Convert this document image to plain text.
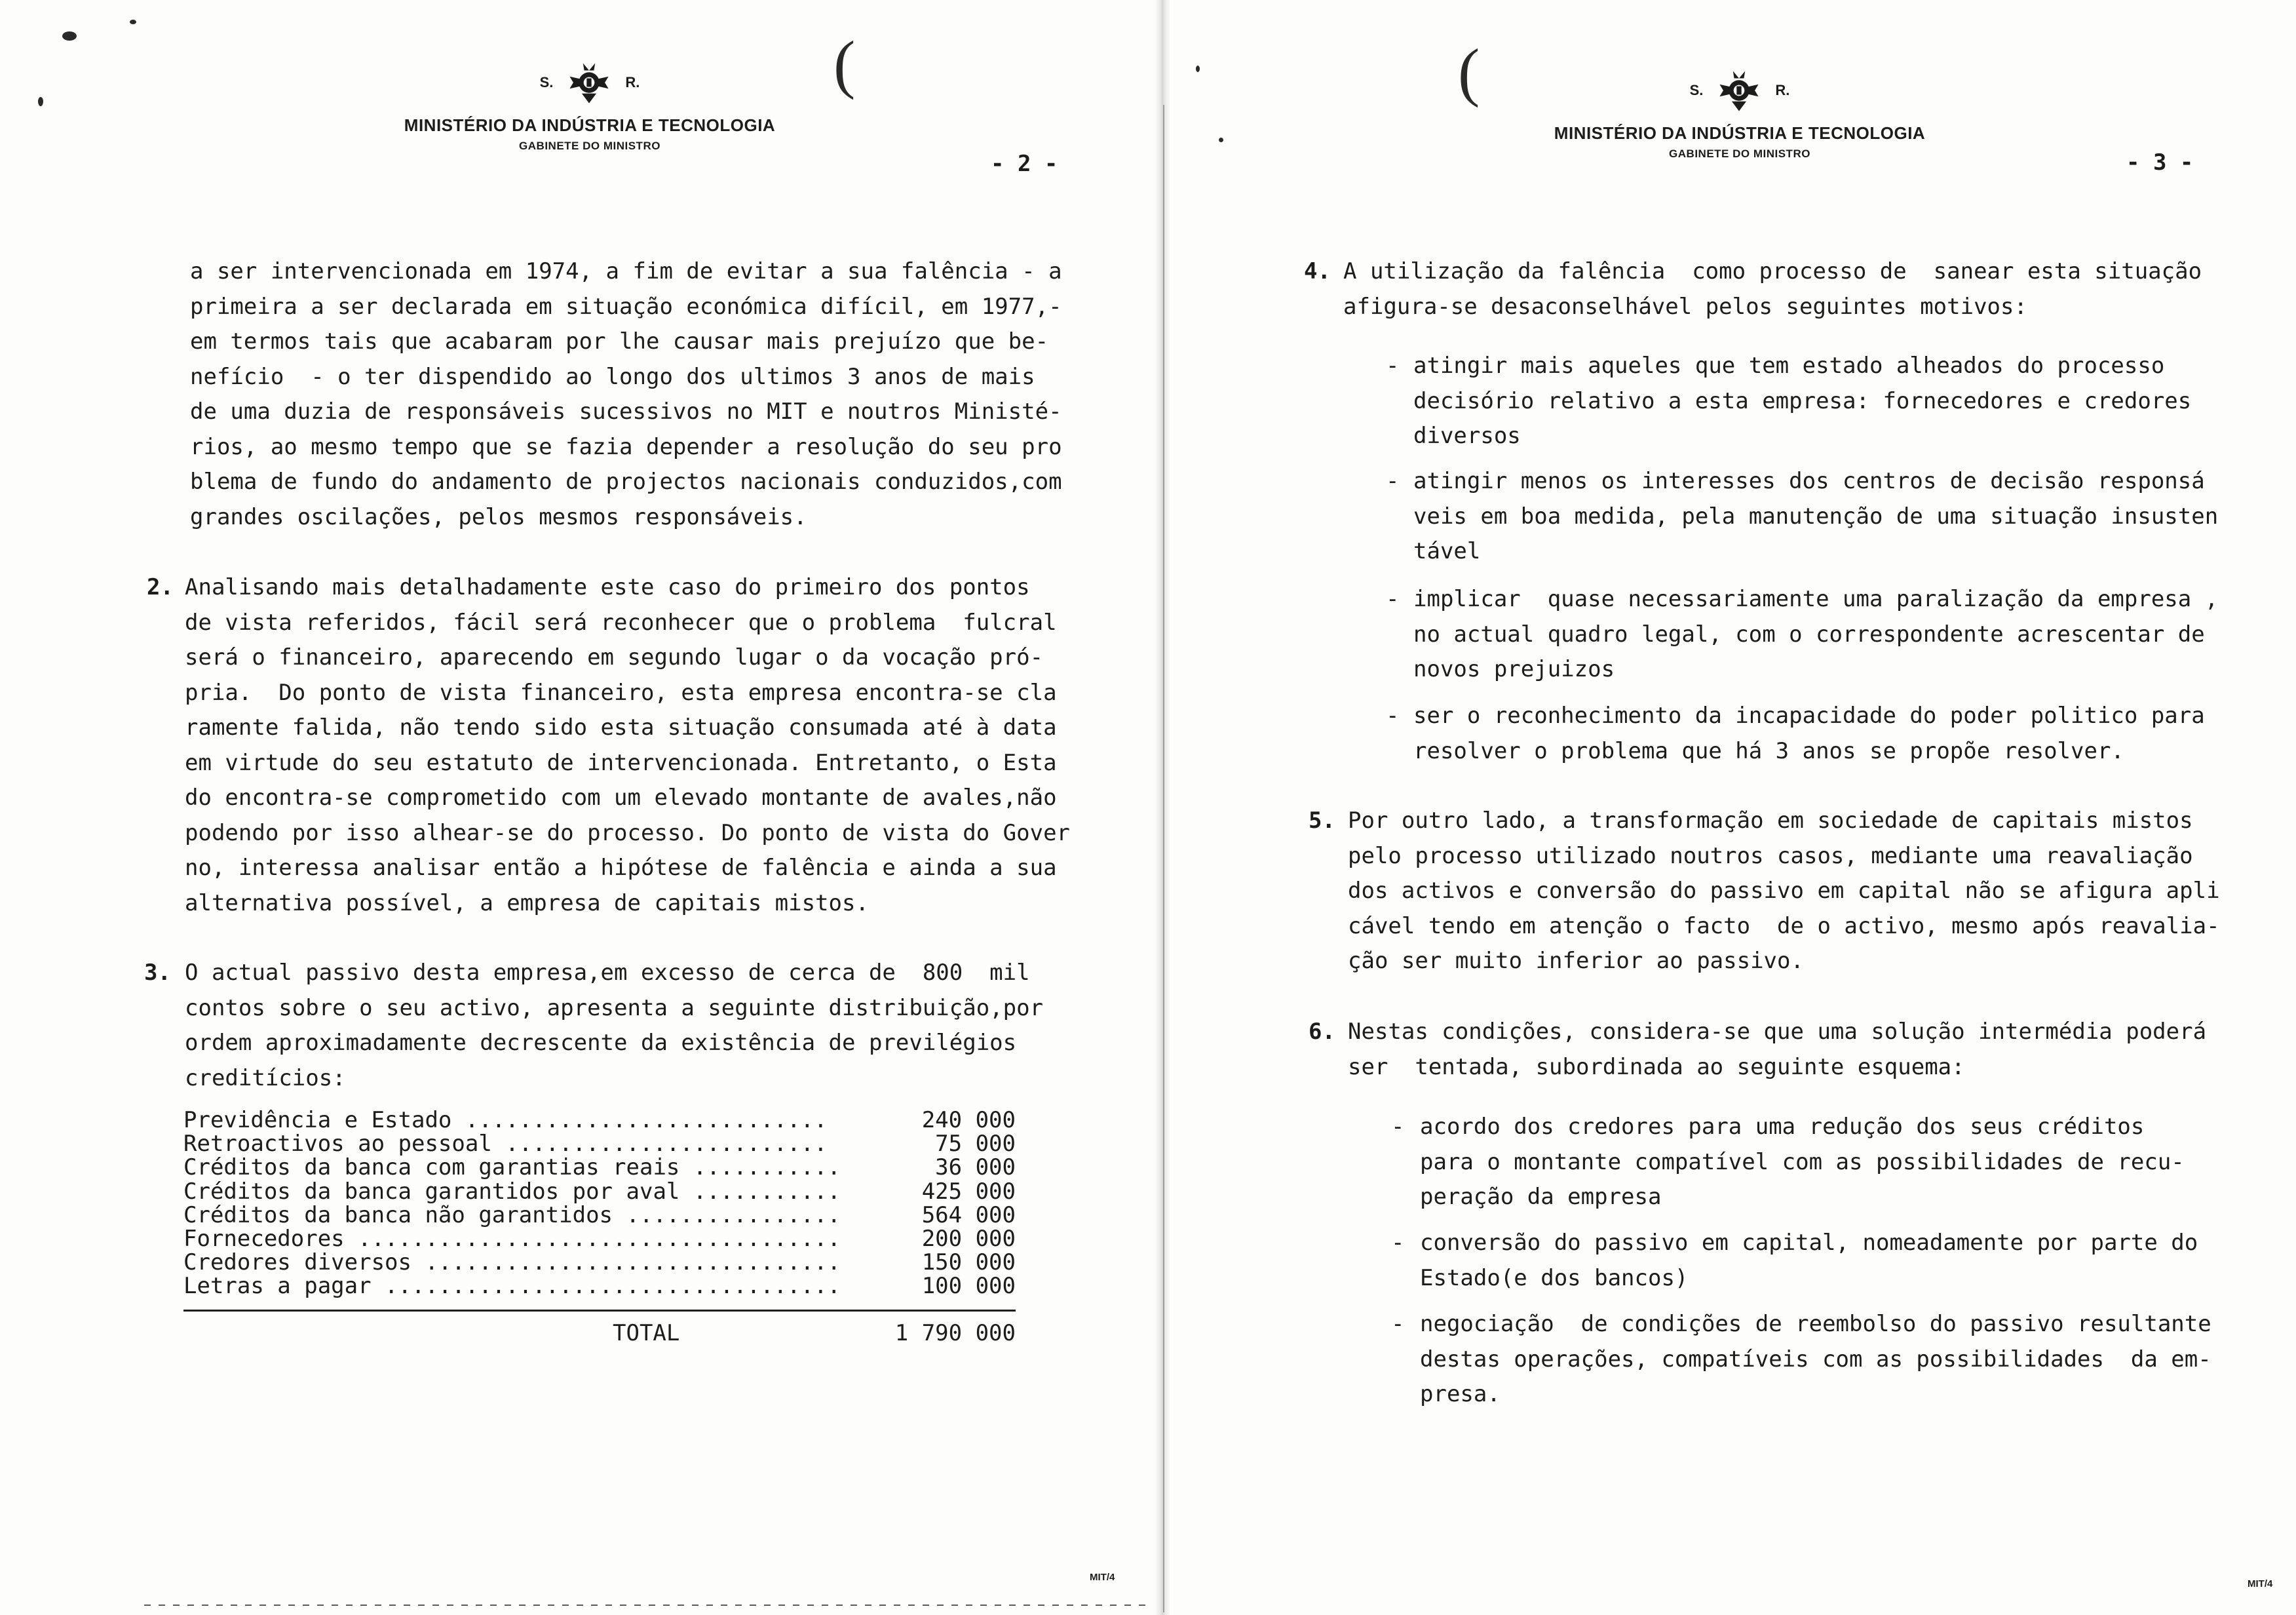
(
S.	R.
MINISTÉRIO DA INDÚSTRIA E TECNOLOGIA
GABINETE DO MINISTRO
- 2 -
a ser intervencionada em 1974, a fim de evitar a sua falência - a
primeira a ser declarada em situação económica difícil, em 1977,-
em termos tais que acabaram por lhe causar mais prejuízo que be-
nefício  - o ter dispendido ao longo dos ultimos 3 anos de mais
de uma duzia de responsáveis sucessivos no MIT e noutros Ministé-
rios, ao mesmo tempo que se fazia depender a resolução do seu pro
blema de fundo do andamento de projectos nacionais conduzidos,com
grandes oscilações, pelos mesmos responsáveis.
2. Analisando mais detalhadamente este caso do primeiro dos pontos
de vista referidos, fácil será reconhecer que o problema  fulcral
será o financeiro, aparecendo em segundo lugar o da vocação pró-
pria.  Do ponto de vista financeiro, esta empresa encontra-se cla
ramente falida, não tendo sido esta situação consumada até à data
em virtude do seu estatuto de intervencionada. Entretanto, o Esta
do encontra-se comprometido com um elevado montante de avales,não
podendo por isso alhear-se do processo. Do ponto de vista do Gover
no, interessa analisar então a hipótese de falência e ainda a sua
alternativa possível, a empresa de capitais mistos.
3. O actual passivo desta empresa,em excesso de cerca de  800  mil
contos sobre o seu activo, apresenta a seguinte distribuição,por
ordem aproximadamente decrescente da existência de previlégios
creditícios:
Previdência e Estado ...........................	240 000
Retroactivos ao pessoal ........................	75 000
Créditos da banca com garantias reais ...........	36 000
Créditos da banca garantidos por aval ...........	425 000
Créditos da banca não garantidos ................	564 000
Fornecedores ....................................	200 000
Credores diversos ...............................	150 000
Letras a pagar ..................................	100 000
TOTAL	1 790 000
MIT/4
(	S.	R.
MINISTÉRIO DA INDÚSTRIA E TECNOLOGIA
GABINETE DO MINISTRO	- 3 -
4. A utilização da falência  como processo de  sanear esta situação
afigura-se desaconselhável pelos seguintes motivos:
- atingir mais aqueles que tem estado alheados do processo
decisório relativo a esta empresa: fornecedores e credores
diversos
- atingir menos os interesses dos centros de decisão responsá
veis em boa medida, pela manutenção de uma situação insusten
tável
- implicar  quase necessariamente uma paralização da empresa ,
no actual quadro legal, com o correspondente acrescentar de
novos prejuizos
- ser o reconhecimento da incapacidade do poder politico para
resolver o problema que há 3 anos se propõe resolver.
5. Por outro lado, a transformação em sociedade de capitais mistos
pelo processo utilizado noutros casos, mediante uma reavaliação
dos activos e conversão do passivo em capital não se afigura apli
cável tendo em atenção o facto  de o activo, mesmo após reavalia-
ção ser muito inferior ao passivo.
6. Nestas condições, considera-se que uma solução intermédia poderá
ser  tentada, subordinada ao seguinte esquema:
- acordo dos credores para uma redução dos seus créditos
para o montante compatível com as possibilidades de recu-
peração da empresa
- conversão do passivo em capital, nomeadamente por parte do
Estado(e dos bancos)
- negociação  de condições de reembolso do passivo resultante
destas operações, compatíveis com as possibilidades  da em-
presa.
MIT/4
